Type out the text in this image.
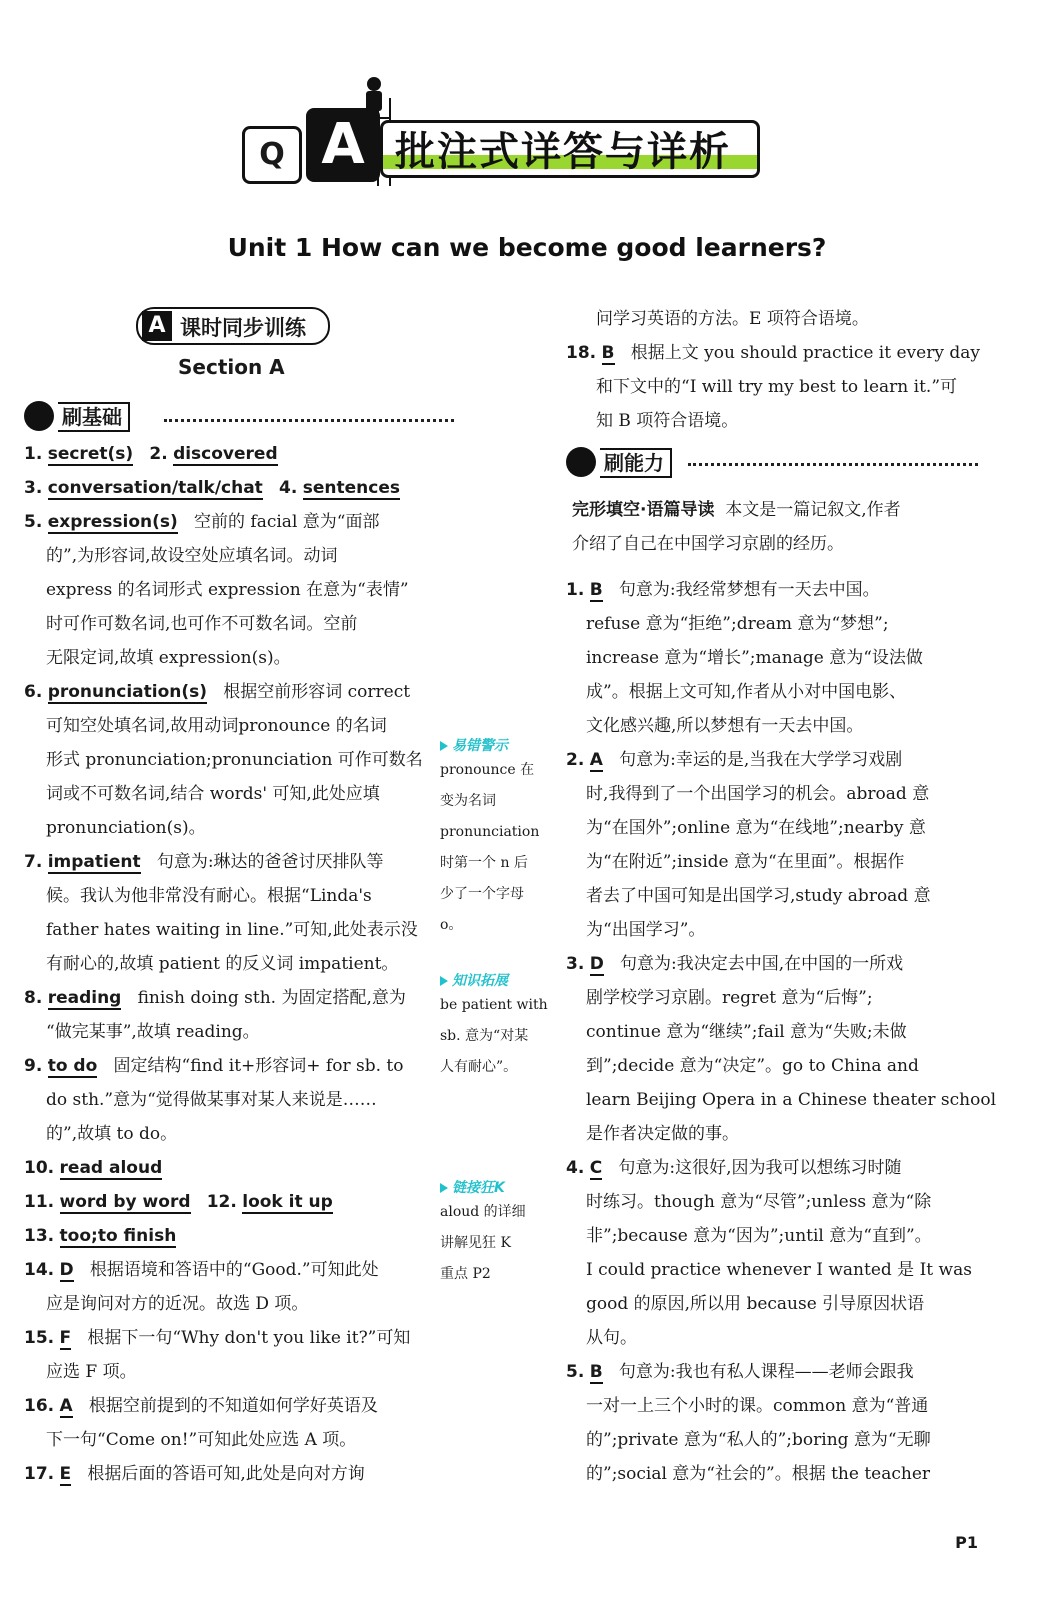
Q A 批注式详答与详析
Unit 1 How can we become good learners?
A 课时同步训练
Section A
刷基础
1. secret(s) 2. discovered
3. conversation/talk/chat 4. sentences
5. expression(s) 空前的 facial 意为“面部
的”,为形容词,故设空处应填名词。动词
express 的名词形式 expression 在意为“表情”
时可作可数名词,也可作不可数名词。空前
无限定词,故填 expression(s)。
6. pronunciation(s) 根据空前形容词 correct
可知空处填名词,故用动词pronounce 的名词
形式 pronunciation;pronunciation 可作可数名
词或不可数名词,结合 words' 可知,此处应填
pronunciation(s)。
7. impatient 句意为:琳达的爸爸讨厌排队等
候。我认为他非常没有耐心。根据“Linda's
father hates waiting in line.”可知,此处表示没
有耐心的,故填 patient 的反义词 impatient。
8. reading finish doing sth. 为固定搭配,意为
“做完某事”,故填 reading。
9. to do 固定结构“find it+形容词+ for sb. to
do sth.”意为“觉得做某事对某人来说是……
的”,故填 to do。
10. read aloud
11. word by word 12. look it up
13. too;to finish
14. D 根据语境和答语中的“Good.”可知此处
应是询问对方的近况。故选 D 项。
15. F 根据下一句“Why don't you like it?”可知
应选 F 项。
16. A 根据空前提到的不知道如何学好英语及
下一句“Come on!”可知此处应选 A 项。
17. E 根据后面的答语可知,此处是向对方询
易错警示
pronounce 在
变为名词
pronunciation
时第一个 n 后
少了一个字母
o。
知识拓展
be patient with
sb. 意为“对某
人有耐心”。
链接狂K
aloud 的详细
讲解见狂 K
重点 P2
问学习英语的方法。E 项符合语境。
18. B 根据上文 you should practice it every day
和下文中的“I will try my best to learn it.”可
知 B 项符合语境。
刷能力
完形填空·语篇导读 本文是一篇记叙文,作者
介绍了自己在中国学习京剧的经历。
1. B 句意为:我经常梦想有一天去中国。
refuse 意为“拒绝”;dream 意为“梦想”;
increase 意为“增长”;manage 意为“设法做
成”。根据上文可知,作者从小对中国电影、
文化感兴趣,所以梦想有一天去中国。
2. A 句意为:幸运的是,当我在大学学习戏剧
时,我得到了一个出国学习的机会。abroad 意
为“在国外”;online 意为“在线地”;nearby 意
为“在附近”;inside 意为“在里面”。根据作
者去了中国可知是出国学习,study abroad 意
为“出国学习”。
3. D 句意为:我决定去中国,在中国的一所戏
剧学校学习京剧。regret 意为“后悔”;
continue 意为“继续”;fail 意为“失败;未做
到”;decide 意为“决定”。go to China and
learn Beijing Opera in a Chinese theater school
是作者决定做的事。
4. C 句意为:这很好,因为我可以想练习时随
时练习。though 意为“尽管”;unless 意为“除
非”;because 意为“因为”;until 意为“直到”。
I could practice whenever I wanted 是 It was
good 的原因,所以用 because 引导原因状语
从句。
5. B 句意为:我也有私人课程——老师会跟我
一对一上三个小时的课。common 意为“普通
的”;private 意为“私人的”;boring 意为“无聊
的”;social 意为“社会的”。根据 the teacher
P1
